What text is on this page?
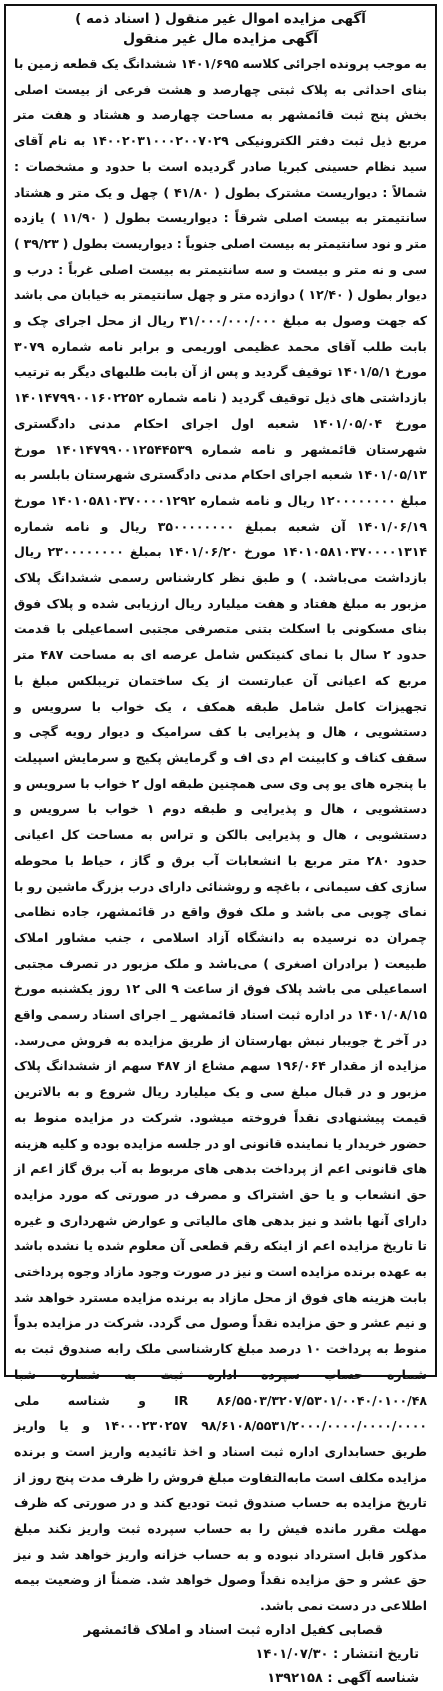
آگهی مزایده اموال غیر منقول ( اسناد ذمه )
آگهی مزایده مال غیر منقول
به موجب پرونده اجرائی کلاسه ۱۴۰۱/۶۹۵ ششدانگ یک قطعه زمین با بنای احداثی به پلاک ثبتی چهارصد و هشت فرعی از بیست اصلی بخش پنج ثبت قائمشهر به مساحت چهارصد و هشتاد و هفت متر مربع ذیل ثبت دفتر الکترونیکی ۱۴۰۰۲۰۳۱۰۰۰۲۰۰۷۰۲۹ به نام آقای سید نظام حسینی کبریا صادر گردیده است با حدود و مشخصات : شمالاً : دیواریست مشترک بطول ( ۴۱/۸۰ ) چهل و یک متر و هشتاد سانتیمتر به بیست اصلی شرقاً : دیواریست بطول ( ۱۱/۹۰ ) یازده متر و نود سانتیمتر به بیست اصلی جنوباً : دیواریست بطول ( ۳۹/۲۳ ) سی و نه متر و بیست و سه سانتیمتر به بیست اصلی غرباً : درب و دیوار بطول ( ۱۲/۴۰ ) دوازده متر و چهل سانتیمتر به خیابان می باشد که جهت وصول به مبلغ ۳۱/۰۰۰/۰۰۰/۰۰۰ ریال از محل اجرای چک و بابت طلب آقای محمد عظیمی اوریمی و برابر نامه شماره ۳۰۷۹ مورخ ۱۴۰۱/۵/۱ توقیف گردید و پس از آن بابت طلبهای دیگر به ترتیب بازداشتی های ذیل توقیف گردید ( نامه شماره ۱۴۰۱۴۷۹۹۰۰۱۶۰۲۲۵۲ مورخ ۱۴۰۱/۰۵/۰۴ شعبه اول اجرای احکام مدنی دادگستری شهرستان قائمشهر و نامه شماره ۱۴۰۱۴۷۹۹۰۰۱۲۵۴۴۵۳۹ مورخ ۱۴۰۱/۰۵/۱۳ شعبه اجرای احکام مدنی دادگستری شهرستان بابلسر به مبلغ ۱۲۰۰۰۰۰۰۰۰ ریال و نامه شماره ۱۴۰۱۰۵۸۱۰۳۷۰۰۰۰۱۲۹۲ مورخ ۱۴۰۱/۰۶/۱۹ آن شعبه بمبلغ ۳۵۰۰۰۰۰۰۰۰ ریال و نامه شماره ۱۴۰۱۰۵۸۱۰۳۷۰۰۰۰۱۳۱۴ مورخ ۱۴۰۱/۰۶/۲۰ بمبلغ ۲۳۰۰۰۰۰۰۰۰ ریال بازداشت می‌باشد. ) و طبق نظر کارشناس رسمی ششدانگ پلاک مزبور به مبلغ هفتاد و هفت میلیارد ریال ارزیابی شده و پلاک فوق بنای مسکونی با اسکلت بتنی متصرفی مجتبی اسماعیلی با قدمت حدود ۲ سال با نمای کنیتکس شامل عرصه ای به مساحت ۴۸۷ متر مربع که اعیانی آن عبارتست از یک ساختمان تریبلکس مبلغ با تجهیزات کامل شامل طبقه همکف ، یک خواب با سرویس و دستشویی ، هال و پذیرایی با کف سرامیک و دیوار رویه گچی و سقف کناف و کابینت ام دی اف و گرمایش پکیج و سرمایش اسپیلت با پنجره های یو پی وی سی همچنین طبقه اول ۲ خواب با سرویس و دستشویی ، هال و پذیرایی و طبقه دوم ۱ خواب با سرویس و دستشویی ، هال و پذیرایی بالکن و تراس به مساحت کل اعیانی حدود ۲۸۰ متر مربع با انشعابات آب برق و گاز ، حیاط با محوطه سازی کف سیمانی ، باغچه و روشنائی دارای درب بزرگ ماشین رو با نمای چوبی می باشد و ملک فوق واقع در قائمشهر، جاده نظامی چمران ده نرسیده به دانشگاه آزاد اسلامی ، جنب مشاور املاک طبیعت ( برادران اصغری ) می‌باشد و ملک مزبور در تصرف مجتبی اسماعیلی می باشد پلاک فوق از ساعت ۹ الی ۱۲ روز یکشنبه مورخ ۱۴۰۱/۰۸/۱۵ در اداره ثبت اسناد قائمشهر _ اجرای اسناد رسمی واقع در آخر خ جویبار نبش بهارستان از طریق مزایده به فروش می‌رسد. مزایده از مقدار ۱۹۶/۰۶۴ سهم مشاع از ۴۸۷ سهم از ششدانگ پلاک مزبور و در قبال مبلغ سی و یک میلیارد ریال شروع و به بالاترین قیمت پیشنهادی نقداً فروخته میشود. شرکت در مزایده منوط به حضور خریدار یا نماینده قانونی او در جلسه مزایده بوده و کلیه هزینه های قانونی اعم از پرداخت بدهی های مربوط به آب برق گاز اعم از حق انشعاب و یا حق اشتراک و مصرف در صورتی که مورد مزایده دارای آنها باشد و نیز بدهی های مالیاتی و عوارض شهرداری و غیره تا تاریخ مزایده اعم از اینکه رقم قطعی آن معلوم شده یا نشده باشد به عهده برنده مزایده است و نیز در صورت وجود مازاد وجوه پرداختی بابت هزینه های فوق از محل مازاد به برنده مزایده مسترد خواهد شد و نیم عشر و حق مزایده نقداً وصول می گردد. شرکت در مزایده بدواً منوط به پرداخت ۱۰ درصد مبلغ کارشناسی ملک رابه صندوق ثبت به شماره حساب سپرده اداره ثبت به شماره شبا ۸۶/۵۵۰۳/۳۲۰۷/۵۳۰۱/۰۰۴۰/۰۱۰۰/۴۸ IR و شناسه ملی ۹۸/۶۱۰۸/۵۵۳۱/۲۰۰۰/۰۰۰۰/۰۰۰۰/۰۰۰۰ ۱۴۰۰۰۲۳۰۲۵۷ و یا واریز طریق حسابداری اداره ثبت اسناد و اخذ تائیدیه واریز است و برنده مزایده مکلف است مابه‌التفاوت مبلغ فروش را ظرف مدت پنج روز از تاریخ مزایده به حساب صندوق ثبت تودیع کند و در صورتی که ظرف مهلت مقرر مانده فیش را به حساب سپرده ثبت واریز نکند مبلغ مذکور قابل استرداد نبوده و به حساب خزانه واریز خواهد شد و نیز حق عشر و حق مزایده نقداً وصول خواهد شد. ضمناً از وضعیت بیمه اطلاعی در دست نمی باشد.
قصابی کفیل اداره ثبت اسناد و املاک قائمشهر
تاریخ انتشار : ۱۴۰۱/۰۷/۳۰
شناسه آگهی : ۱۳۹۲۱۵۸
